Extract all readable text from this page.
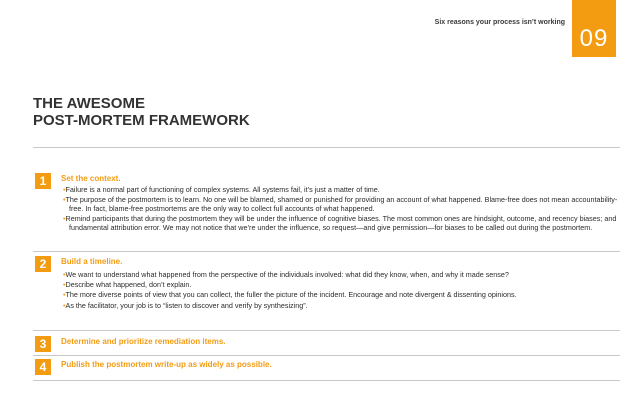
Six reasons your process isn’t working
09
THE AWESOME
POST-MORTEM FRAMEWORK
1	Set the context.
•Failure is a normal part of functioning of complex systems. All systems fail, it’s just a matter of time.
•The purpose of the postmortem is to learn. No one will be blamed, shamed or punished for providing an account of what happened. Blame-free does not mean accountability-free. In fact, blame-free postmortems are the only way to collect full accounts of what happened.
•Remind participants that during the postmortem they will be under the influence of cognitive biases. The most common ones are hindsight, outcome, and recency biases; and fundamental attribution error. We may not notice that we’re under the influence, so request—and give permission—for biases to be called out during the postmortem.
2	Build a timeline.
•We want to understand what happened from the perspective of the individuals involved: what did they know, when, and why it made sense?
•Describe what happened, don’t explain.
•The more diverse points of view that you can collect, the fuller the picture of the incident. Encourage and note divergent & dissenting opinions.
•As the facilitator, your job is to “listen to discover and verify by synthesizing”.
3	Determine and prioritize remediation items.
4	Publish the postmortem write-up as widely as possible.
